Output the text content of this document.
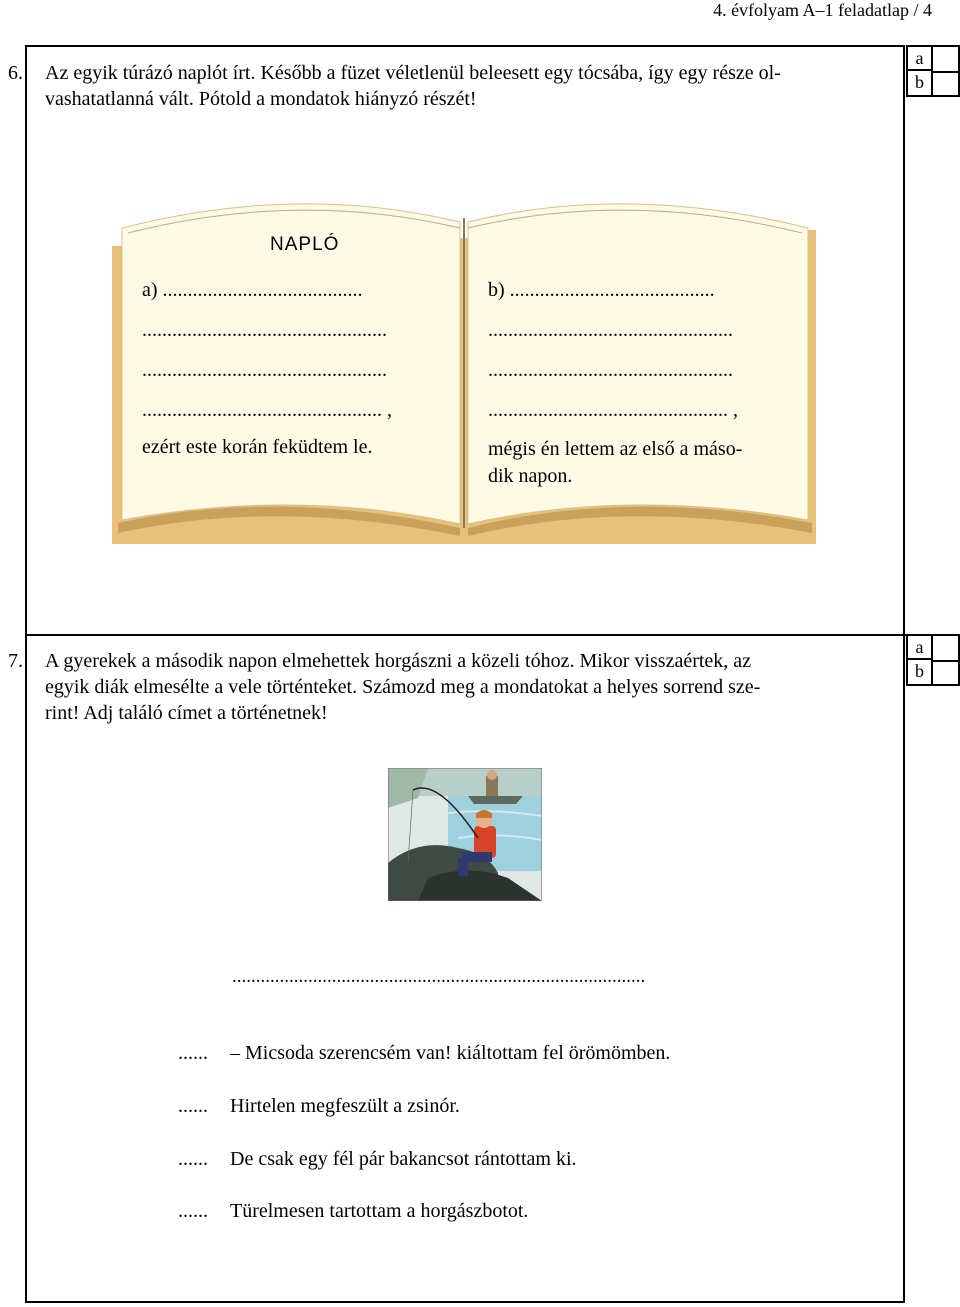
4. évfolyam A–1 feladatlap / 4
6. Az egyik túrázó naplót írt. Később a füzet véletlenül beleesett egy tócsába, így egy része ol-
vashatatlanná vált. Pótold a mondatok hiányzó részét!
a
b
NAPLÓ
a) ........................................
.................................................
.................................................
................................................ ,
ezért este korán feküdtem le.
b) .........................................
.................................................
.................................................
................................................ ,
mégis én lettem az első a máso-
dik napon.
7. A gyerekek a második napon elmehettek horgászni a közeli tóhoz. Mikor visszaértek, az
egyik diák elmesélte a vele történteket. Számozd meg a mondatokat a helyes sorrend sze-
rint! Adj találó címet a történetnek!
a
b
.......................................................................................
...... – Micsoda szerencsém van! kiáltottam fel örömömben.
...... Hirtelen megfeszült a zsinór.
...... De csak egy fél pár bakancsot rántottam ki.
...... Türelmesen tartottam a horgászbotot.
